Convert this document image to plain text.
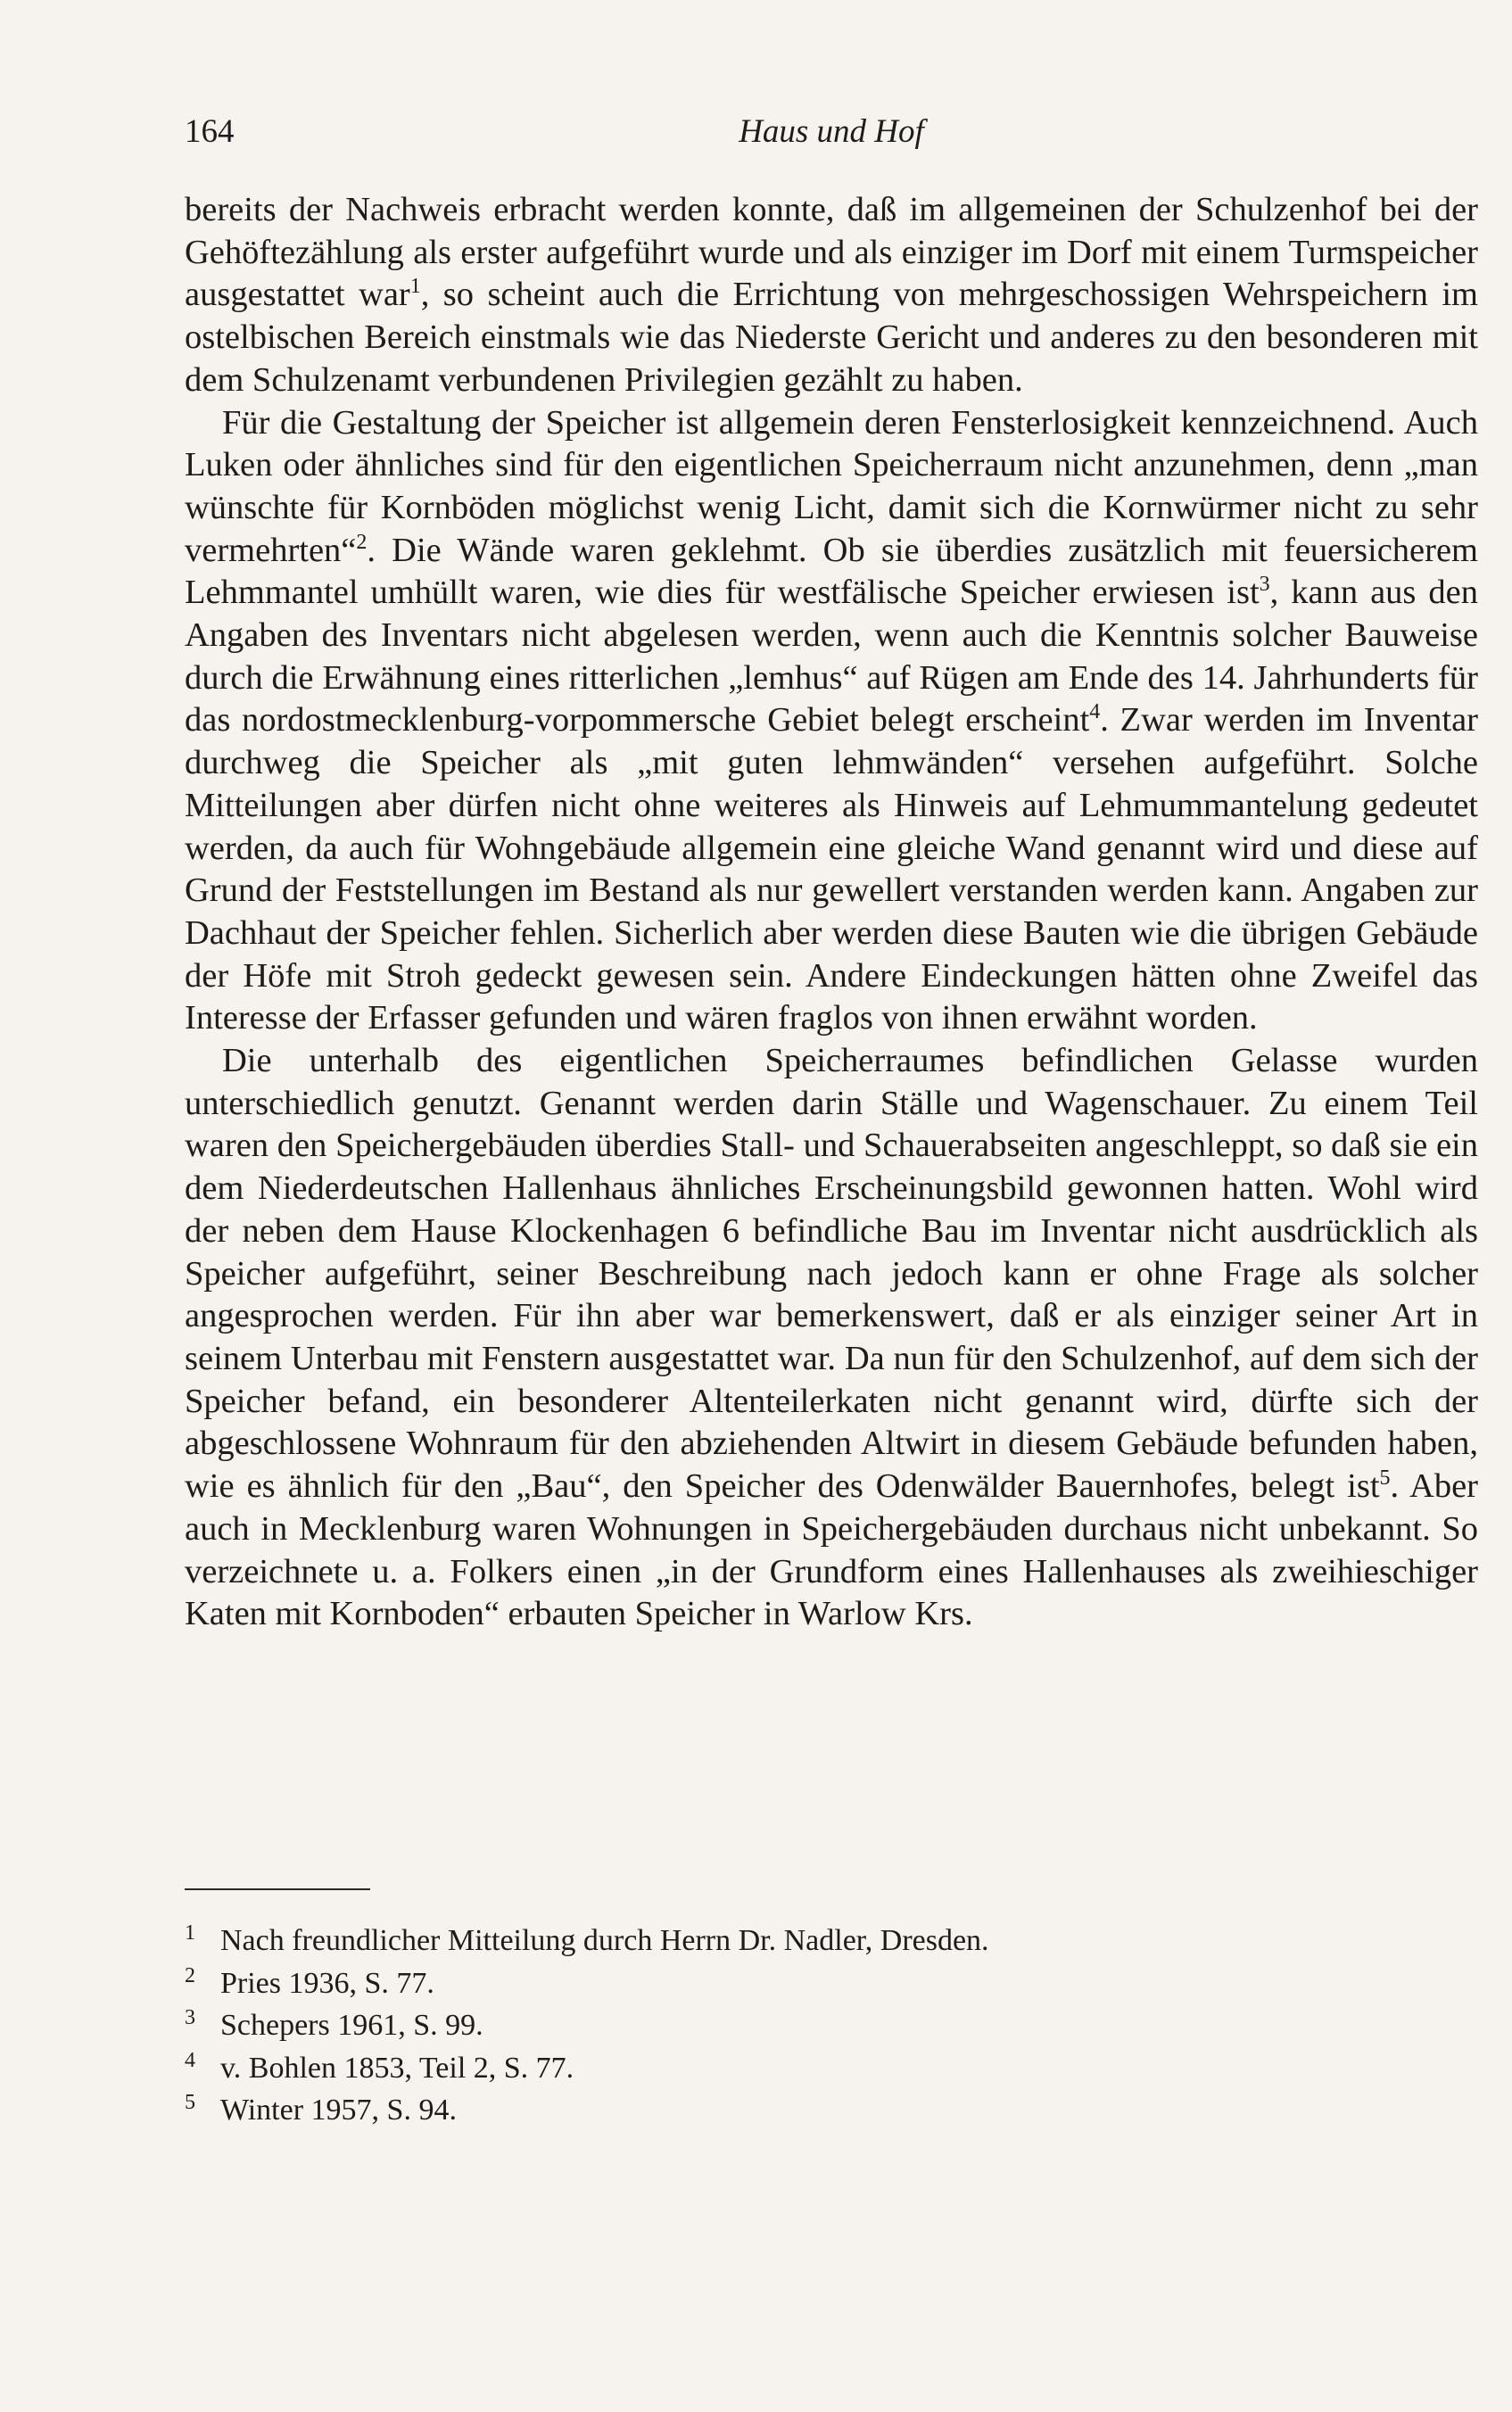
164	Haus und Hof

bereits der Nachweis erbracht werden konnte, daß im allgemeinen der Schulzenhof bei der Gehöftezählung als erster aufgeführt wurde und als einziger im Dorf mit einem Turmspeicher ausgestattet war$^1$, so scheint auch die Errichtung von mehrgeschossigen Wehrspeichern im ostelbischen Bereich einstmals wie das Niederste Gericht und anderes zu den besonderen mit dem Schulzenamt verbundenen Privilegien gezählt zu haben.

Für die Gestaltung der Speicher ist allgemein deren Fensterlosigkeit kennzeichnend. Auch Luken oder ähnliches sind für den eigentlichen Speicherraum nicht anzunehmen, denn „man wünschte für Kornböden möglichst wenig Licht, damit sich die Kornwürmer nicht zu sehr vermehrten“$^2$. Die Wände waren geklehmt. Ob sie überdies zusätzlich mit feuersicherem Lehmmantel umhüllt waren, wie dies für westfälische Speicher erwiesen ist$^3$, kann aus den Angaben des Inventars nicht abgelesen werden, wenn auch die Kenntnis solcher Bauweise durch die Erwähnung eines ritterlichen „lemhus“ auf Rügen am Ende des 14. Jahrhunderts für das nordostmecklenburg-vorpommersche Gebiet belegt erscheint$^4$. Zwar werden im Inventar durchweg die Speicher als „mit guten lehmwänden“ versehen aufgeführt. Solche Mitteilungen aber dürfen nicht ohne weiteres als Hinweis auf Lehmummantelung gedeutet werden, da auch für Wohngebäude allgemein eine gleiche Wand genannt wird und diese auf Grund der Feststellungen im Bestand als nur gewellert verstanden werden kann. Angaben zur Dachhaut der Speicher fehlen. Sicherlich aber werden diese Bauten wie die übrigen Gebäude der Höfe mit Stroh gedeckt gewesen sein. Andere Eindeckungen hätten ohne Zweifel das Interesse der Erfasser gefunden und wären fraglos von ihnen erwähnt worden.

Die unterhalb des eigentlichen Speicherraumes befindlichen Gelasse wurden unterschiedlich genutzt. Genannt werden darin Ställe und Wagenschauer. Zu einem Teil waren den Speichergebäuden überdies Stall- und Schauerabseiten angeschleppt, so daß sie ein dem Niederdeutschen Hallenhaus ähnliches Erscheinungsbild gewonnen hatten. Wohl wird der neben dem Hause Klockenhagen 6 befindliche Bau im Inventar nicht ausdrücklich als Speicher aufgeführt, seiner Beschreibung nach jedoch kann er ohne Frage als solcher angesprochen werden. Für ihn aber war bemerkenswert, daß er als einziger seiner Art in seinem Unterbau mit Fenstern ausgestattet war. Da nun für den Schulzenhof, auf dem sich der Speicher befand, ein besonderer Altenteilerkaten nicht genannt wird, dürfte sich der abgeschlossene Wohnraum für den abziehenden Altwirt in diesem Gebäude befunden haben, wie es ähnlich für den „Bau“, den Speicher des Odenwälder Bauernhofes, belegt ist$^5$. Aber auch in Mecklenburg waren Wohnungen in Speichergebäuden durchaus nicht unbekannt. So verzeichnete u. a. Folkers einen „in der Grundform eines Hallenhauses als zweihieschiger Katen mit Kornboden“ erbauten Speicher in Warlow Krs.

1 Nach freundlicher Mitteilung durch Herrn Dr. Nadler, Dresden.
2 Pries 1936, S. 77.
3 Schepers 1961, S. 99.
4 v. Bohlen 1853, Teil 2, S. 77.
5 Winter 1957, S. 94.
